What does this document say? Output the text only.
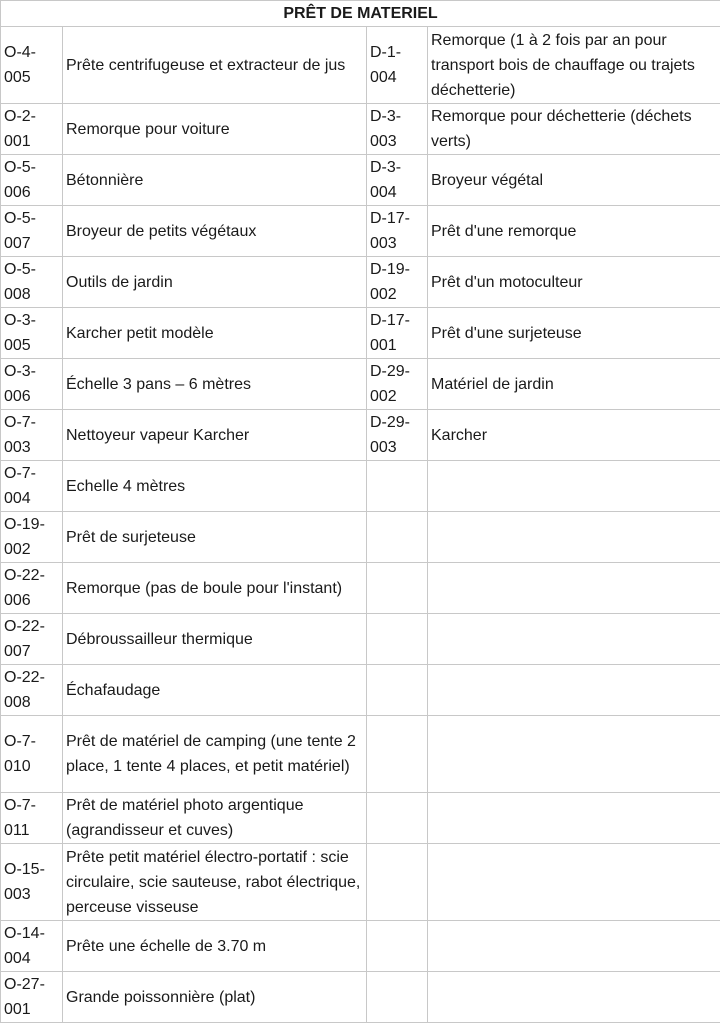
PRÊT DE MATERIEL			
O-4-005	Prête centrifugeuse et extracteur de jus	D-1-004	Remorque (1 à 2 fois par an pour transport bois de chauffage ou trajets déchetterie)
O-2-001	Remorque pour voiture	D-3-003	Remorque pour déchetterie (déchets verts)
O-5-006	Bétonnière	D-3-004	Broyeur végétal
O-5-007	Broyeur de petits végétaux	D-17-003	Prêt d'une remorque
O-5-008	Outils de jardin	D-19-002	Prêt d'un motoculteur
O-3-005	Karcher petit modèle	D-17-001	Prêt d'une surjeteuse
O-3-006	Échelle 3 pans – 6 mètres	D-29-002	Matériel de jardin
O-7-003	Nettoyeur vapeur Karcher	D-29-003	Karcher
O-7-004	Echelle 4 mètres		
O-19-002	Prêt de surjeteuse		
O-22-006	Remorque (pas de boule pour l'instant)		
O-22-007	Débroussailleur thermique		
O-22-008	Échafaudage		
O-7-010	Prêt de matériel de camping (une tente 2 place, 1 tente 4 places, et petit matériel)		
O-7-011	Prêt de matériel photo argentique (agrandisseur et cuves)		
O-15-003	Prête petit matériel électro-portatif : scie circulaire, scie sauteuse, rabot électrique, perceuse visseuse		
O-14-004	Prête une échelle de 3.70 m		
O-27-001	Grande poissonnière (plat)		
